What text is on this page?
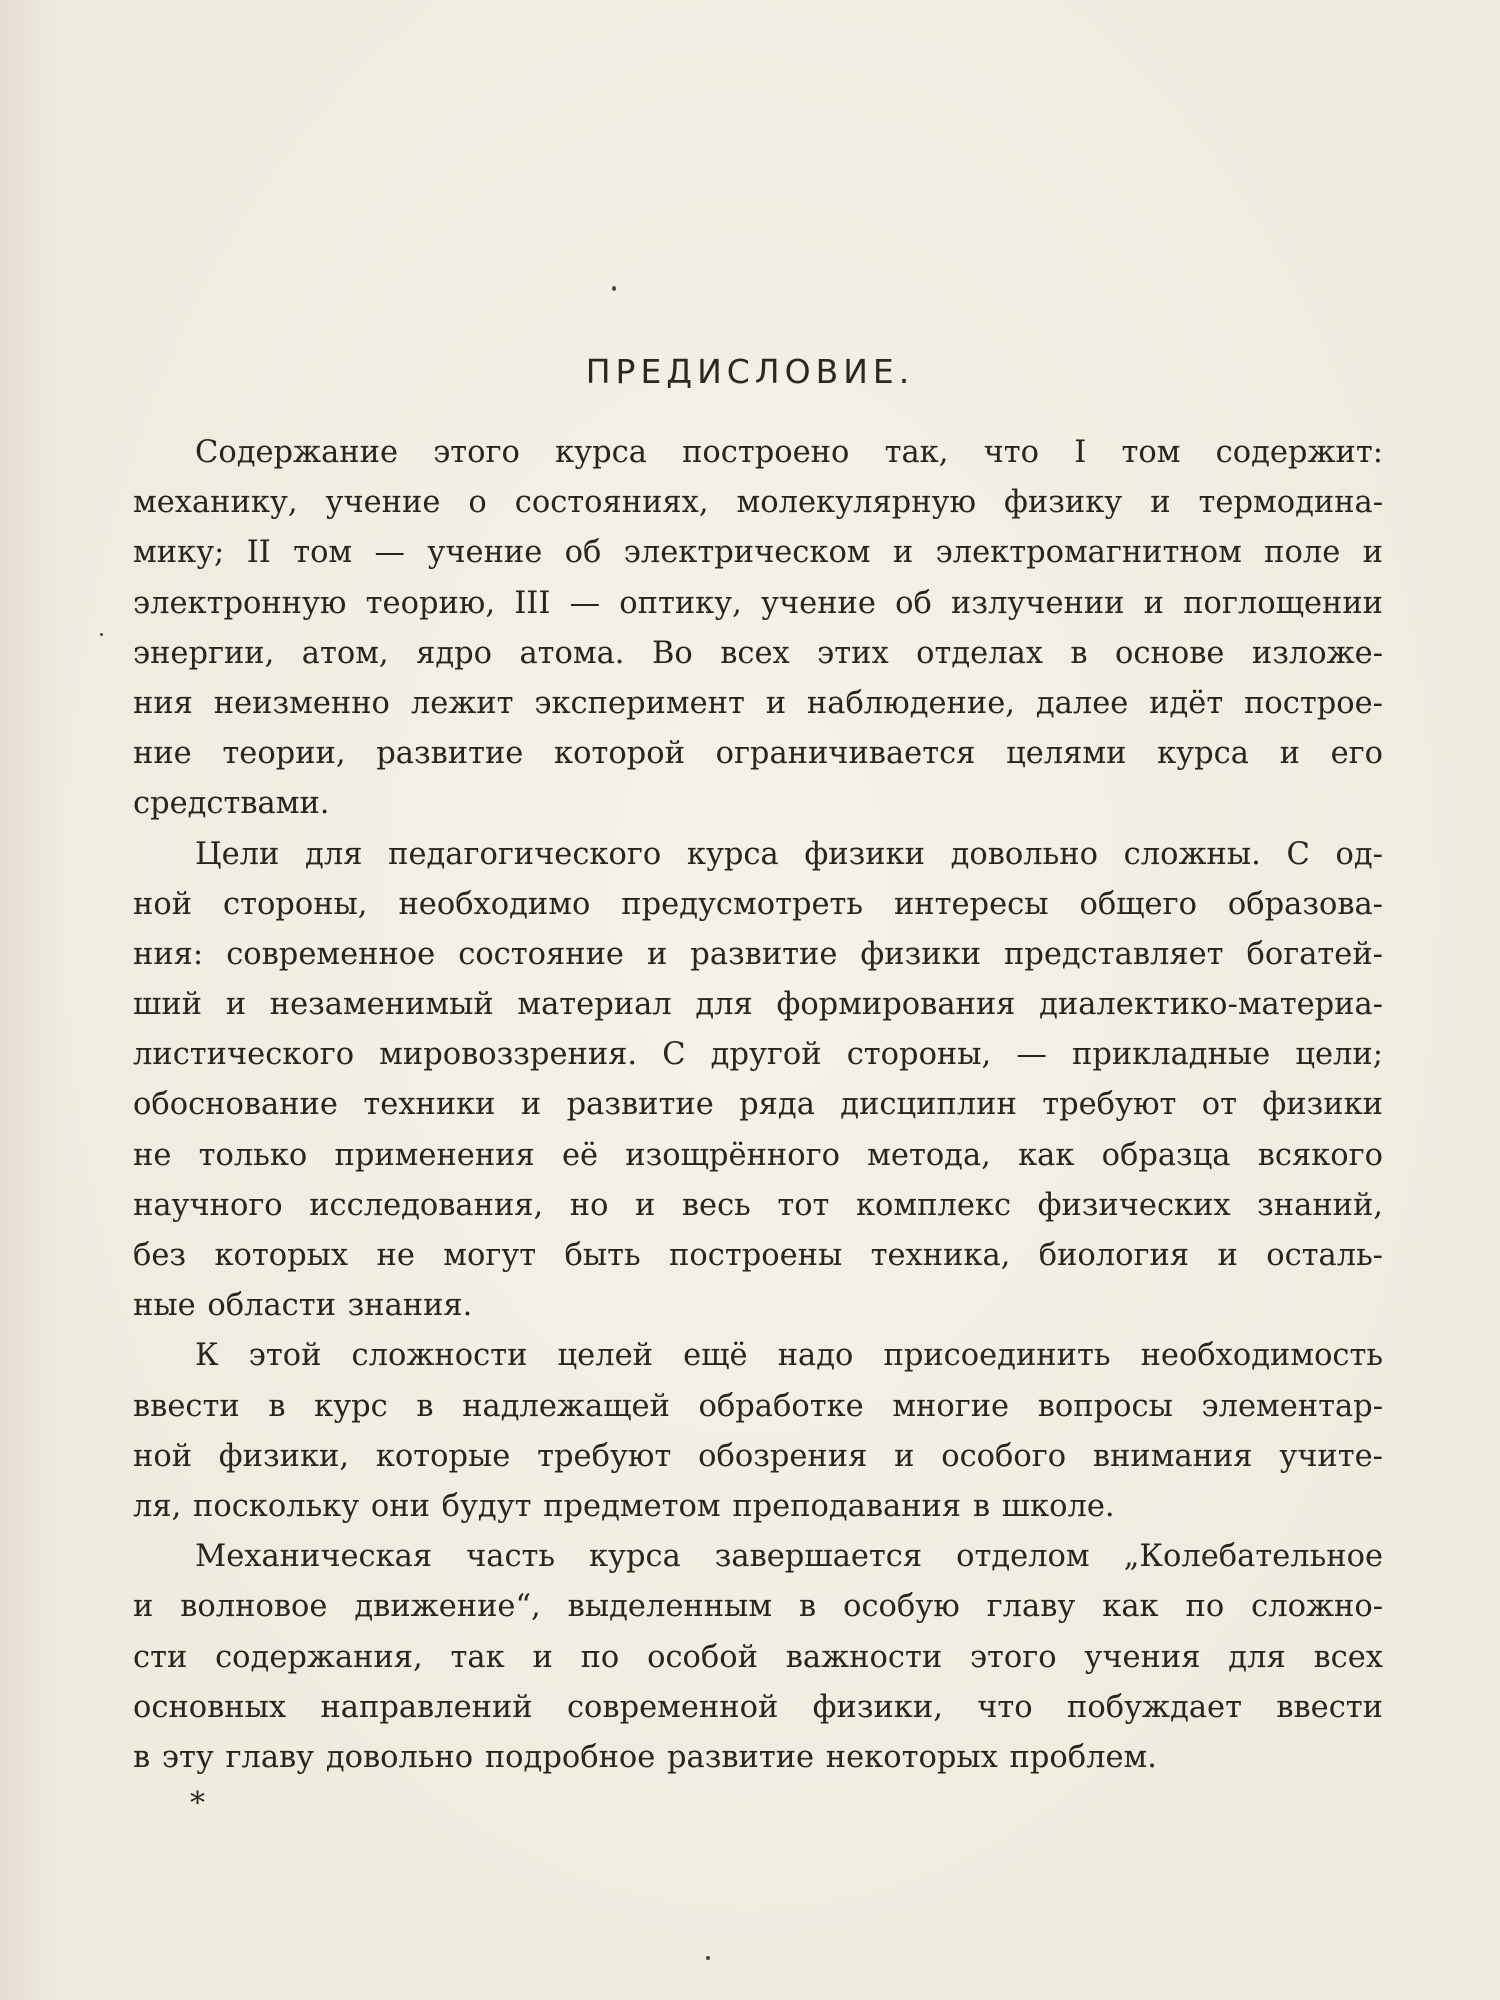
ПРЕДИСЛОВИЕ.
Содержание этого курса построено так, что I том содержит:
механику, учение о состояниях, молекулярную физику и термодина-
мику; II том — учение об электрическом и электромагнитном поле и
электронную теорию, III — оптику, учение об излучении и поглощении
энергии, атом, ядро атома. Во всех этих отделах в основе изложе-
ния неизменно лежит эксперимент и наблюдение, далее идёт построе-
ние теории, развитие которой ограничивается целями курса и его
средствами.
Цели для педагогического курса физики довольно сложны. С од-
ной стороны, необходимо предусмотреть интересы общего образова-
ния: современное состояние и развитие физики представляет богатей-
ший и незаменимый материал для формирования диалектико-материа-
листического мировоззрения. С другой стороны, — прикладные цели;
обоснование техники и развитие ряда дисциплин требуют от физики
не только применения её изощрённого метода, как образца всякого
научного исследования, но и весь тот комплекс физических знаний,
без которых не могут быть построены техника, биология и осталь-
ные области знания.
К этой сложности целей ещё надо присоединить необходимость
ввести в курс в надлежащей обработке многие вопросы элементар-
ной физики, которые требуют обозрения и особого внимания учите-
ля, поскольку они будут предметом преподавания в школе.
Механическая часть курса завершается отделом „Колебательное
и волновое движение“, выделенным в особую главу как по сложно-
сти содержания, так и по особой важности этого учения для всех
основных направлений современной физики, что побуждает ввести
в эту главу довольно подробное развитие некоторых проблем.
*
